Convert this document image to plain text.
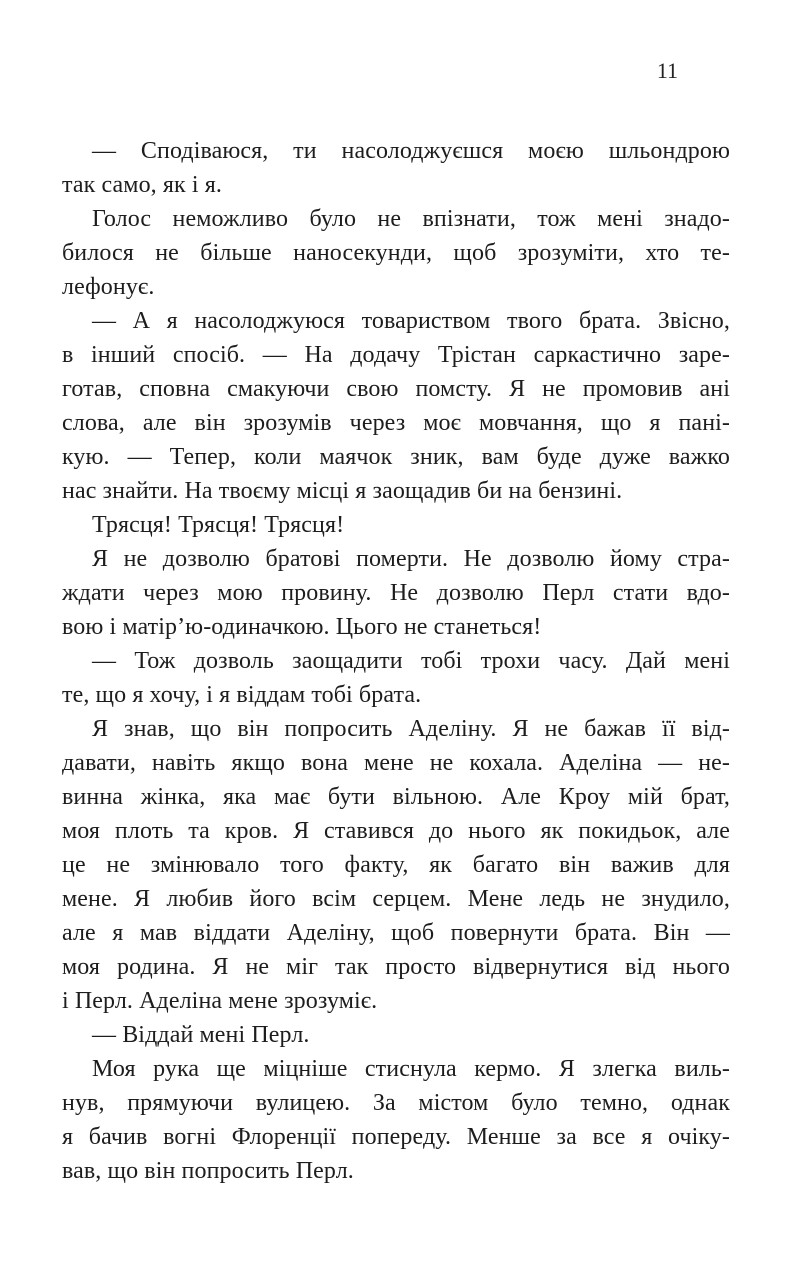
11
— Сподіваюся, ти насолоджуєшся моєю шльондрою
так само, як і я.
Голос неможливо було не впізнати, тож мені знадо-
билося не більше наносекунди, щоб зрозуміти, хто те-
лефонує.
— А я насолоджуюся товариством твого брата. Звісно,
в інший спосіб. — На додачу Трістан саркастично заре-
готав, сповна смакуючи свою помсту. Я не промовив ані
слова, але він зрозумів через моє мовчання, що я пані-
кую. — Тепер, коли маячок зник, вам буде дуже важко
нас знайти. На твоєму місці я заощадив би на бензині.
Трясця! Трясця! Трясця!
Я не дозволю братові померти. Не дозволю йому стра-
ждати через мою провину. Не дозволю Перл стати вдо-
вою і матір’ю-одиначкою. Цього не станеться!
— Тож дозволь заощадити тобі трохи часу. Дай мені
те, що я хочу, і я віддам тобі брата.
Я знав, що він попросить Аделіну. Я не бажав її від-
давати, навіть якщо вона мене не кохала. Аделіна — не-
винна жінка, яка має бути вільною. Але Кроу мій брат,
моя плоть та кров. Я ставився до нього як покидьок, але
це не змінювало того факту, як багато він важив для
мене. Я любив його всім серцем. Мене ледь не знудило,
але я мав віддати Аделіну, щоб повернути брата. Він —
моя родина. Я не міг так просто відвернутися від нього
і Перл. Аделіна мене зрозуміє.
— Віддай мені Перл.
Моя рука ще міцніше стиснула кермо. Я злегка виль-
нув, прямуючи вулицею. За містом було темно, однак
я бачив вогні Флоренції попереду. Менше за все я очіку-
вав, що він попросить Перл.
